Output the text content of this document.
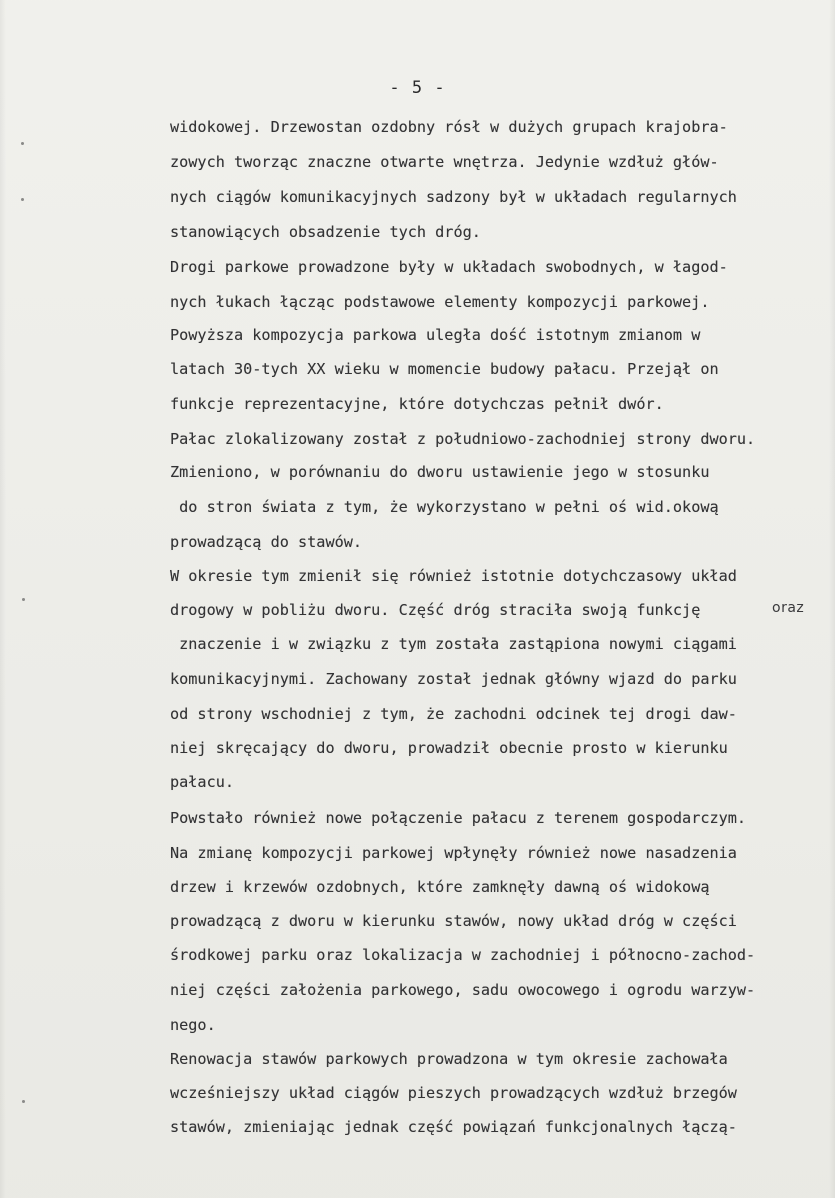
- 5 -
widokowej. Drzewostan ozdobny rósł w dużych grupach krajobra-
zowych tworząc znaczne otwarte wnętrza. Jedynie wzdłuż głów-
nych ciągów komunikacyjnych sadzony był w układach regularnych
stanowiących obsadzenie tych dróg.
Drogi parkowe prowadzone były w układach swobodnych, w łagod-
nych łukach łącząc podstawowe elementy kompozycji parkowej.
Powyższa kompozycja parkowa uległa dość istotnym zmianom w
latach 30-tych XX wieku w momencie budowy pałacu. Przejął on
funkcje reprezentacyjne, które dotychczas pełnił dwór.
Pałac zlokalizowany został z południowo-zachodniej strony dworu.
Zmieniono, w porównaniu do dworu ustawienie jego w stosunku
do stron świata z tym, że wykorzystano w pełni oś wid.okową
prowadzącą do stawów.
W okresie tym zmienił się również istotnie dotychczasowy układ
drogowy w pobliżu dworu. Część dróg straciła swoją funkcję
znaczenie i w związku z tym została zastąpiona nowymi ciągami
komunikacyjnymi. Zachowany został jednak główny wjazd do parku
od strony wschodniej z tym, że zachodni odcinek tej drogi daw-
niej skręcający do dworu, prowadził obecnie prosto w kierunku
pałacu.
Powstało również nowe połączenie pałacu z terenem gospodarczym.
Na zmianę kompozycji parkowej wpłynęły również nowe nasadzenia
drzew i krzewów ozdobnych, które zamknęły dawną oś widokową
prowadzącą z dworu w kierunku stawów, nowy układ dróg w części
środkowej parku oraz lokalizacja w zachodniej i północno-zachod-
niej części założenia parkowego, sadu owocowego i ogrodu warzyw-
nego.
Renowacja stawów parkowych prowadzona w tym okresie zachowała
wcześniejszy układ ciągów pieszych prowadzących wzdłuż brzegów
stawów, zmieniając jednak część powiązań funkcjonalnych łączą-
oraz
